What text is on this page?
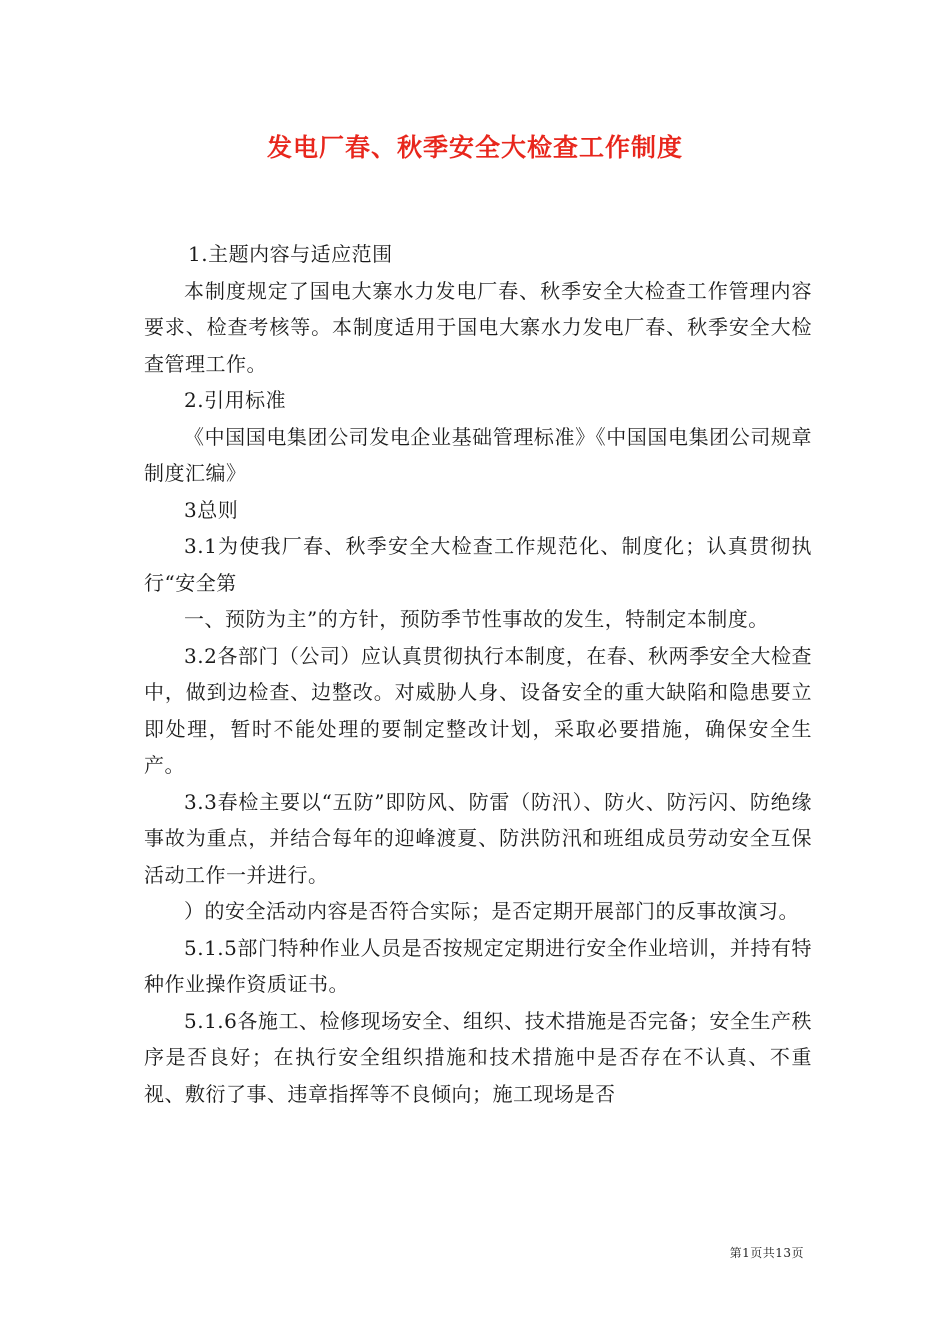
发电厂春、秋季安全大检查工作制度

1.主题内容与适应范围

本制度规定了国电大寨水力发电厂春、秋季安全大检查工作管理内容要求、检查考核等。本制度适用于国电大寨水力发电厂春、秋季安全大检查管理工作。

2.引用标准

《中国国电集团公司发电企业基础管理标准》《中国国电集团公司规章制度汇编》

3总则

3.1为使我厂春、秋季安全大检查工作规范化、制度化；认真贯彻执行“安全第

一、预防为主”的方针，预防季节性事故的发生，特制定本制度。

3.2各部门（公司）应认真贯彻执行本制度，在春、秋两季安全大检查中，做到边检查、边整改。对威胁人身、设备安全的重大缺陷和隐患要立即处理，暂时不能处理的要制定整改计划，采取必要措施，确保安全生产。

3.3春检主要以“五防”即防风、防雷（防汛）、防火、防污闪、防绝缘事故为重点，并结合每年的迎峰渡夏、防洪防汛和班组成员劳动安全互保活动工作一并进行。

）的安全活动内容是否符合实际；是否定期开展部门的反事故演习。

5.1.5部门特种作业人员是否按规定定期进行安全作业培训，并持有特种作业操作资质证书。

5.1.6各施工、检修现场安全、组织、技术措施是否完备；安全生产秩序是否良好；在执行安全组织措施和技术措施中是否存在不认真、不重视、敷衍了事、违章指挥等不良倾向；施工现场是否

第1页共13页
